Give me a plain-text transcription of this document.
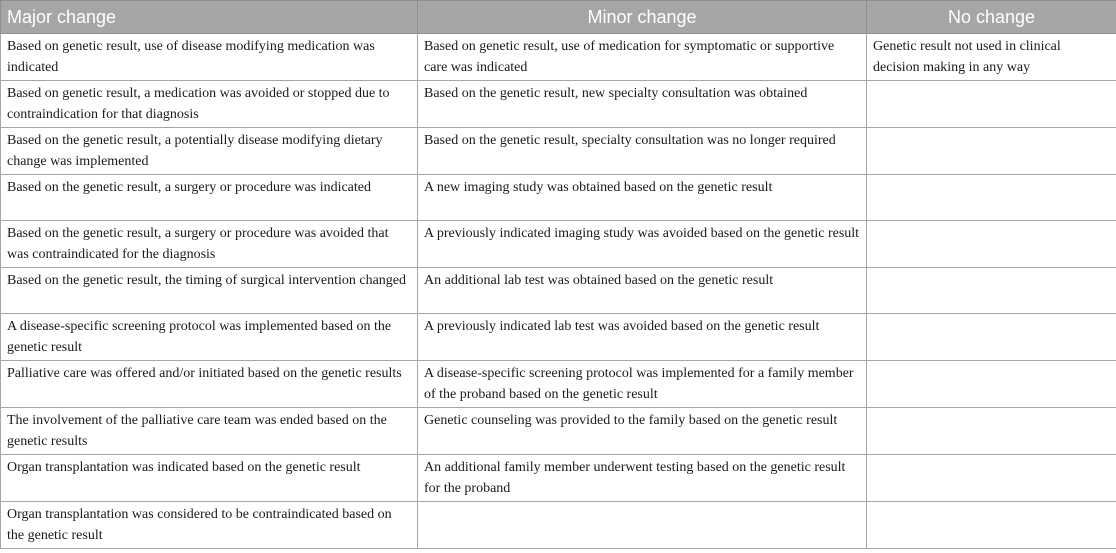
Major change	Minor change	No change
Based on genetic result, use of disease modifying medication was indicated	Based on genetic result, use of medication for symptomatic or supportive care was indicated	Genetic result not used in clinical decision making in any way
Based on genetic result, a medication was avoided or stopped due to contraindication for that diagnosis	Based on the genetic result, new specialty consultation was obtained	
Based on the genetic result, a potentially disease modifying dietary change was implemented	Based on the genetic result, specialty consultation was no longer required	
Based on the genetic result, a surgery or procedure was indicated	A new imaging study was obtained based on the genetic result	
Based on the genetic result, a surgery or procedure was avoided that was contraindicated for the diagnosis	A previously indicated imaging study was avoided based on the genetic result	
Based on the genetic result, the timing of surgical intervention changed	An additional lab test was obtained based on the genetic result	
A disease-specific screening protocol was implemented based on the genetic result	A previously indicated lab test was avoided based on the genetic result	
Palliative care was offered and/or initiated based on the genetic results	A disease-specific screening protocol was implemented for a family member of the proband based on the genetic result	
The involvement of the palliative care team was ended based on the genetic results	Genetic counseling was provided to the family based on the genetic result	
Organ transplantation was indicated based on the genetic result	An additional family member underwent testing based on the genetic result for the proband	
Organ transplantation was considered to be contraindicated based on the genetic result		
